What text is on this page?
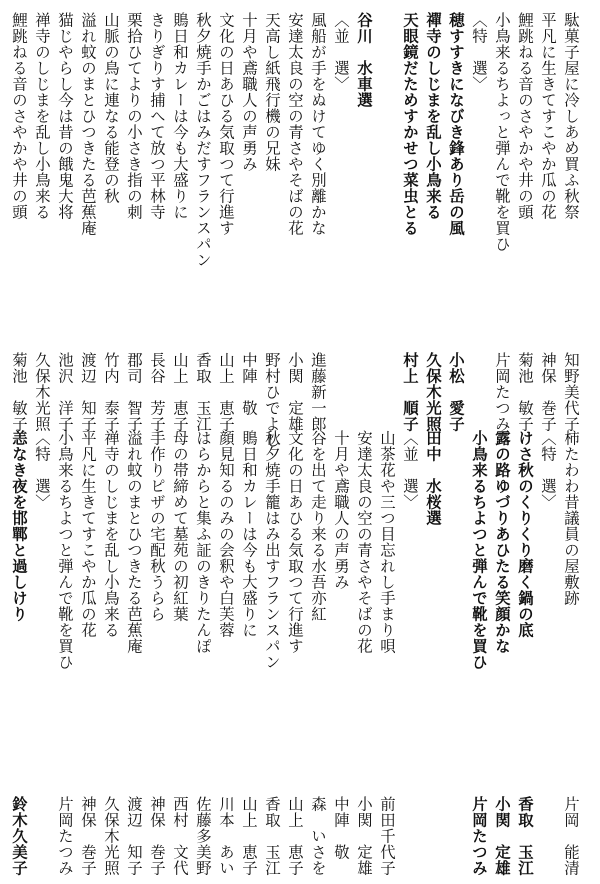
駄菓子屋に冷しあめ買ふ秋祭
知野美代子
平凡に生きてすこやか瓜の花
神保　巻子
鯉跳ねる音のさやかや井の頭
菊池　敏子
小鳥来るちよっと弾んで靴を買ひ
片岡たつみ
〈特　選〉
穂すすきになびき鋒あり岳の風
小松　愛子
禪寺のしじまを乱し小鳥来る
久保木光照
天眼鏡だためすかせつ菜虫とる
村上　順子
谷川　水車選
〈並　選〉
風船が手をぬけてゆく別離かな
進藤新一郎
安達太良の空の青さやそばの花
小関　定雄
天高し紙飛行機の兄妹
野村ひでよし
十月や鳶職人の声勇み
中陣　敬
文化の日あひる気取つて行進す
山上　恵子
秋夕焼手かごはみだすフランスパン
香取　玉江
鵙日和カレーは今も大盛りに
山上　恵子
きりぎりす捕へて放つ平林寺
長谷　芳子
栗拾ひてよりの小さき指の刺
郡司　智子
山脈の鳥に連なる能登の秋
竹内　泰子
溢れ蚊のまとひつきたる芭蕉庵
渡辺　知子
猫じやらし今は昔の餓鬼大将
池沢　洋子
禅寺のしじまを乱し小鳥来る
久保木光照
鯉跳ねる音のさやかや井の頭
菊池　敏子
柿たわわ昔議員の屋敷跡
片岡　能清
〈特　選〉
けさ秋のくりくり磨く鍋の底
香取　玉江
露の路ゆづりあひたる笑顔かな
小関　定雄
小鳥来るちよつと弾んで靴を買ひ
片岡たつみ
田中　水桜選
〈並　選〉
山茶花や三つ目忘れし手まり唄
前田千代子
安達太良の空の青さやそばの花
小関　定雄
十月や鳶職人の声勇み
中陣　敬
谷を出て走り来る水吾亦紅
森　いさを
文化の日あひる気取つて行進す
山上　恵子
秋夕焼手籠はみ出すフランスパン
香取　玉江
鵙日和カレーは今も大盛りに
山上　恵子
顔見知るのみの会釈や白芙蓉
川本　あい
はらからと集ふ証のきりたんぽ
佐藤多美野
母の帯締めて墓苑の初紅葉
西村　文代
手作りピザの宅配秋うらら
神保　巻子
溢れ蚊のまとひつきたる芭蕉庵
渡辺　知子
禅寺のしじまを乱し小鳥来る
久保木光照
平凡に生きてすこやか瓜の花
神保　巻子
小鳥来るちよつと弾んで靴を買ひ
片岡たつみ
〈特　選〉
恙なき夜を邯鄲と過しけり
鈴木久美子
